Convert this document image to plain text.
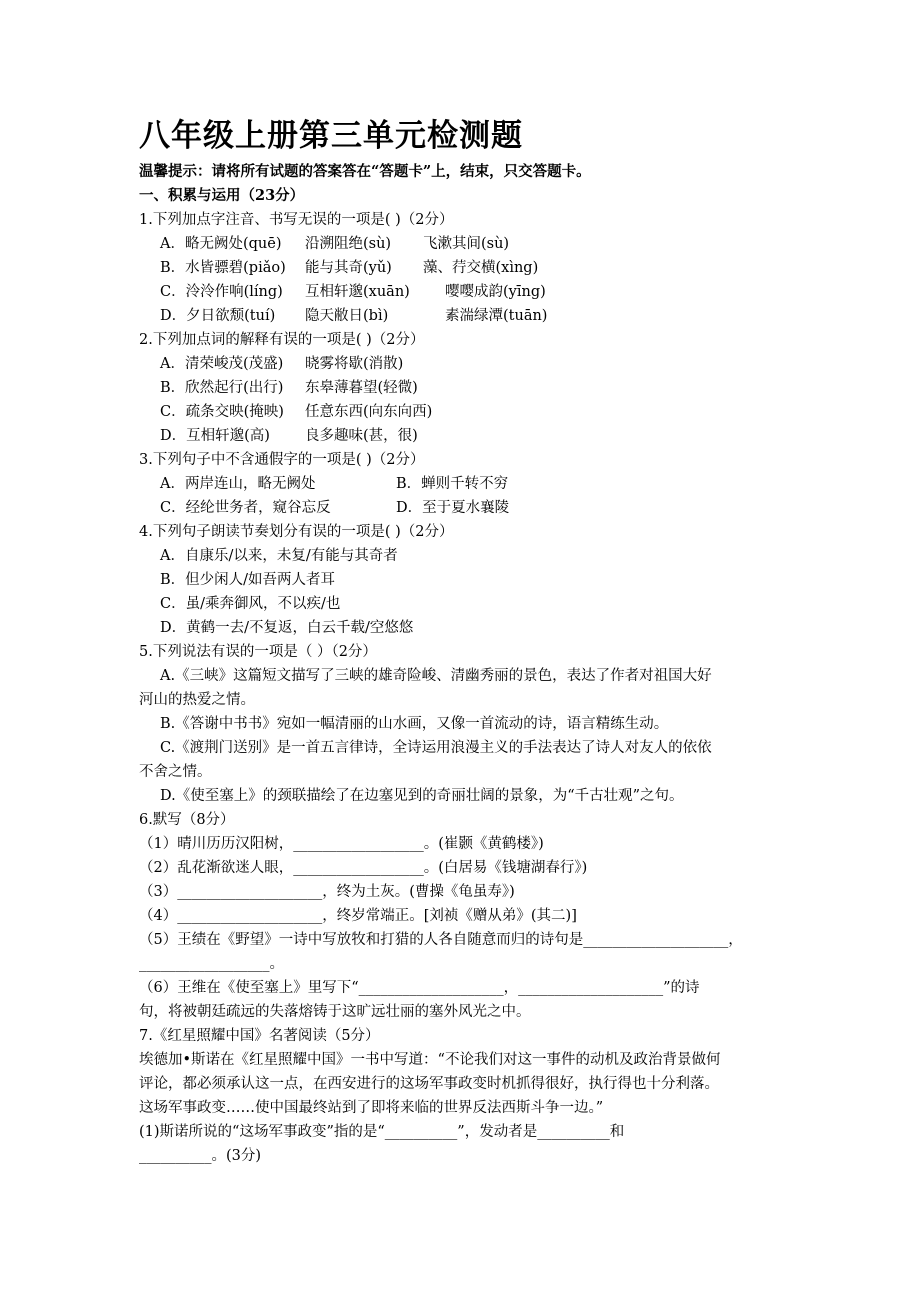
八年级上册第三单元检测题
温馨提示：请将所有试题的答案答在“答题卡”上，结束，只交答题卡。
一、积累与运用（23分）
1.下列加点字注音、书写无误的一项是( )（2分）
A．略无阙处(quē) 沿溯阻绝(sù) 飞漱其间(sù)
B．水皆骠碧(piǎo) 能与其奇(yǔ) 藻、荇交横(xìng)
C．泠泠作响(líng) 互相轩邈(xuān) 嘤嘤成韵(yīng)
D．夕日欲颓(tuí) 隐天敝日(bì)	素湍绿潭(tuān)
2.下列加点词的解释有误的一项是( )（2分）
A．清荣峻茂(茂盛) 晓雾将歇(消散)
B．欣然起行(出行) 东皋薄暮望(轻微)
C．疏条交映(掩映) 任意东西(向东向西)
D．互相轩邈(高) 良多趣味(甚，很)
3.下列句子中不含通假字的一项是( )（2分）
A．两岸连山，略无阙处	B．蝉则千转不穷
C．经纶世务者，窥谷忘反	D．至于夏水襄陵
4.下列句子朗读节奏划分有误的一项是( )（2分）
A．自康乐/以来，未复/有能与其奇者
B．但少闲人/如吾两人者耳
C．虽/乘奔御风，不以疾/也
D．黄鹤一去/不复返，白云千载/空悠悠
5.下列说法有误的一项是（ ）（2分）
A.《三峡》这篇短文描写了三峡的雄奇险峻、清幽秀丽的景色，表达了作者对祖国大好
河山的热爱之情。
B.《答谢中书书》宛如一幅清丽的山水画，又像一首流动的诗，语言精练生动。
C.《渡荆门送别》是一首五言律诗，全诗运用浪漫主义的手法表达了诗人对友人的依依
不舍之情。
D.《使至塞上》的颈联描绘了在边塞见到的奇丽壮阔的景象，为“千古壮观”之句。
6.默写（8分）
（1）晴川历历汉阳树，__________________。(崔颢《黄鹤楼》)
（2）乱花渐欲迷人眼，__________________。(白居易《钱塘湖春行》)
（3）____________________，终为土灰。(曹操《龟虽寿》)
（4）____________________，终岁常端正。[刘祯《赠从弟》(其二)]
（5）王绩在《野望》一诗中写放牧和打猎的人各自随意而归的诗句是____________________，
__________________。
（6）王维在《使至塞上》里写下“____________________，____________________”的诗
句，将被朝廷疏远的失落熔铸于这旷远壮丽的塞外风光之中。
7.《红星照耀中国》名著阅读（5分）
埃德加•斯诺在《红星照耀中国》一书中写道：“不论我们对这一事件的动机及政治背景做何
评论，都必须承认这一点，在西安进行的这场军事政变时机抓得很好，执行得也十分利落。
这场军事政变……使中国最终站到了即将来临的世界反法西斯斗争一边。”
(1)斯诺所说的“这场军事政变”指的是“__________”，发动者是__________和
__________。(3分)
